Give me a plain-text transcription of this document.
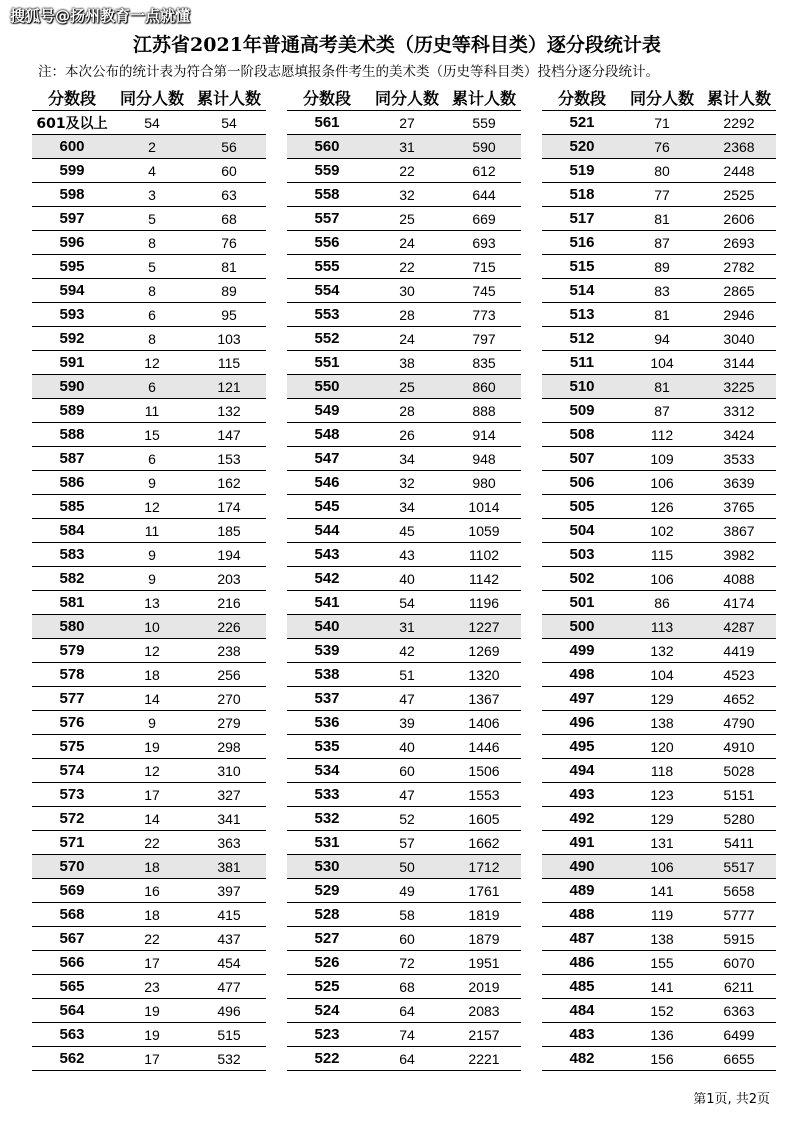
搜狐号@扬州教育一点就懂
江苏省2021年普通高考美术类（历史等科目类）逐分段统计表
注：本次公布的统计表为符合第一阶段志愿填报条件考生的美术类（历史等科目类）投档分逐分段统计。
分数段	同分人数	累计人数
601及以上	54	54
600	2	56
599	4	60
598	3	63
597	5	68
596	8	76
595	5	81
594	8	89
593	6	95
592	8	103
591	12	115
590	6	121
589	11	132
588	15	147
587	6	153
586	9	162
585	12	174
584	11	185
583	9	194
582	9	203
581	13	216
580	10	226
579	12	238
578	18	256
577	14	270
576	9	279
575	19	298
574	12	310
573	17	327
572	14	341
571	22	363
570	18	381
569	16	397
568	18	415
567	22	437
566	17	454
565	23	477
564	19	496
563	19	515
562	17	532
分数段	同分人数	累计人数
561	27	559
560	31	590
559	22	612
558	32	644
557	25	669
556	24	693
555	22	715
554	30	745
553	28	773
552	24	797
551	38	835
550	25	860
549	28	888
548	26	914
547	34	948
546	32	980
545	34	1014
544	45	1059
543	43	1102
542	40	1142
541	54	1196
540	31	1227
539	42	1269
538	51	1320
537	47	1367
536	39	1406
535	40	1446
534	60	1506
533	47	1553
532	52	1605
531	57	1662
530	50	1712
529	49	1761
528	58	1819
527	60	1879
526	72	1951
525	68	2019
524	64	2083
523	74	2157
522	64	2221
分数段	同分人数	累计人数
521	71	2292
520	76	2368
519	80	2448
518	77	2525
517	81	2606
516	87	2693
515	89	2782
514	83	2865
513	81	2946
512	94	3040
511	104	3144
510	81	3225
509	87	3312
508	112	3424
507	109	3533
506	106	3639
505	126	3765
504	102	3867
503	115	3982
502	106	4088
501	86	4174
500	113	4287
499	132	4419
498	104	4523
497	129	4652
496	138	4790
495	120	4910
494	118	5028
493	123	5151
492	129	5280
491	131	5411
490	106	5517
489	141	5658
488	119	5777
487	138	5915
486	155	6070
485	141	6211
484	152	6363
483	136	6499
482	156	6655
第1页, 共2页
